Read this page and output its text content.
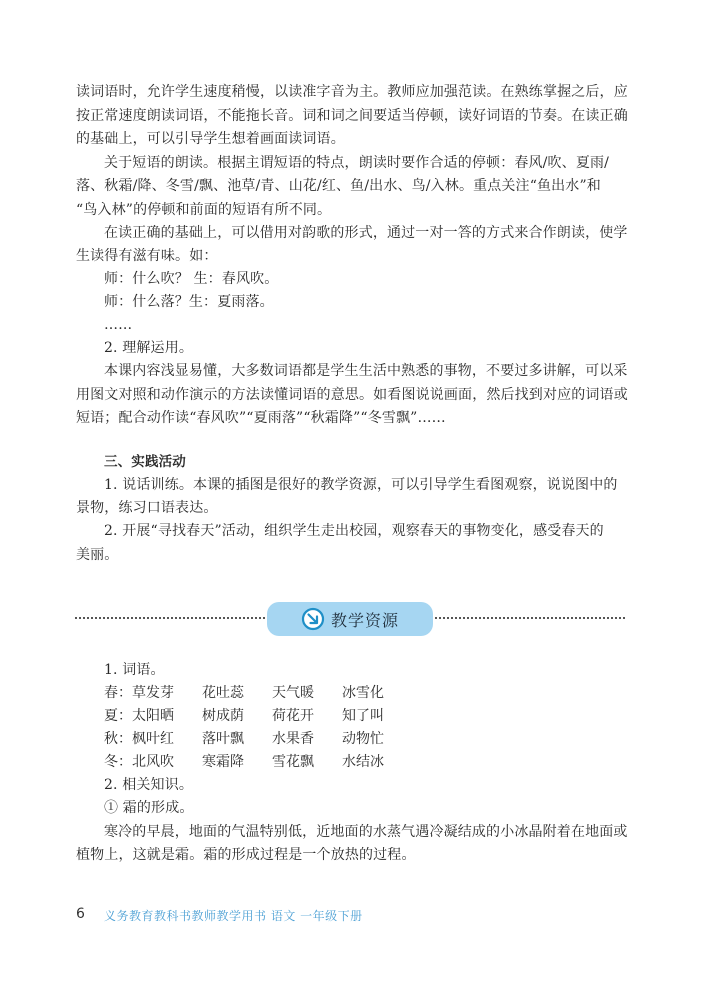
读词语时，允许学生速度稍慢，以读准字音为主。教师应加强范读。在熟练掌握之后，应
按正常速度朗读词语，不能拖长音。词和词之间要适当停顿，读好词语的节奏。在读正确
的基础上，可以引导学生想着画面读词语。
关于短语的朗读。根据主谓短语的特点，朗读时要作合适的停顿：春风/吹、夏雨/
落、秋霜/降、冬雪/飘、池草/青、山花/红、鱼/出水、鸟/入林。重点关注“鱼出水”和
“鸟入林”的停顿和前面的短语有所不同。
在读正确的基础上，可以借用对韵歌的形式，通过一对一答的方式来合作朗读，使学
生读得有滋有味。如：
师：什么吹？ 生：春风吹。
师：什么落？生：夏雨落。
……
2. 理解运用。
本课内容浅显易懂，大多数词语都是学生生活中熟悉的事物，不要过多讲解，可以采
用图文对照和动作演示的方法读懂词语的意思。如看图说说画面，然后找到对应的词语或
短语；配合动作读“春风吹”“夏雨落”“秋霜降”“冬雪飘”……
三、实践活动
1. 说话训练。本课的插图是很好的教学资源，可以引导学生看图观察，说说图中的
景物，练习口语表达。
2. 开展“寻找春天”活动，组织学生走出校园，观察春天的事物变化，感受春天的
美丽。
教学资源
1. 词语。
春： 草发芽 花吐蕊 天气暖 冰雪化
夏： 太阳晒 树成荫 荷花开 知了叫
秋： 枫叶红 落叶飘 水果香 动物忙
冬： 北风吹 寒霜降 雪花飘 水结冰
2. 相关知识。
① 霜的形成。
寒冷的早晨，地面的气温特别低，近地面的水蒸气遇冷凝结成的小冰晶附着在地面或
植物上，这就是霜。霜的形成过程是一个放热的过程。
6 义务教育教科书教师教学用书 语文 一年级下册
